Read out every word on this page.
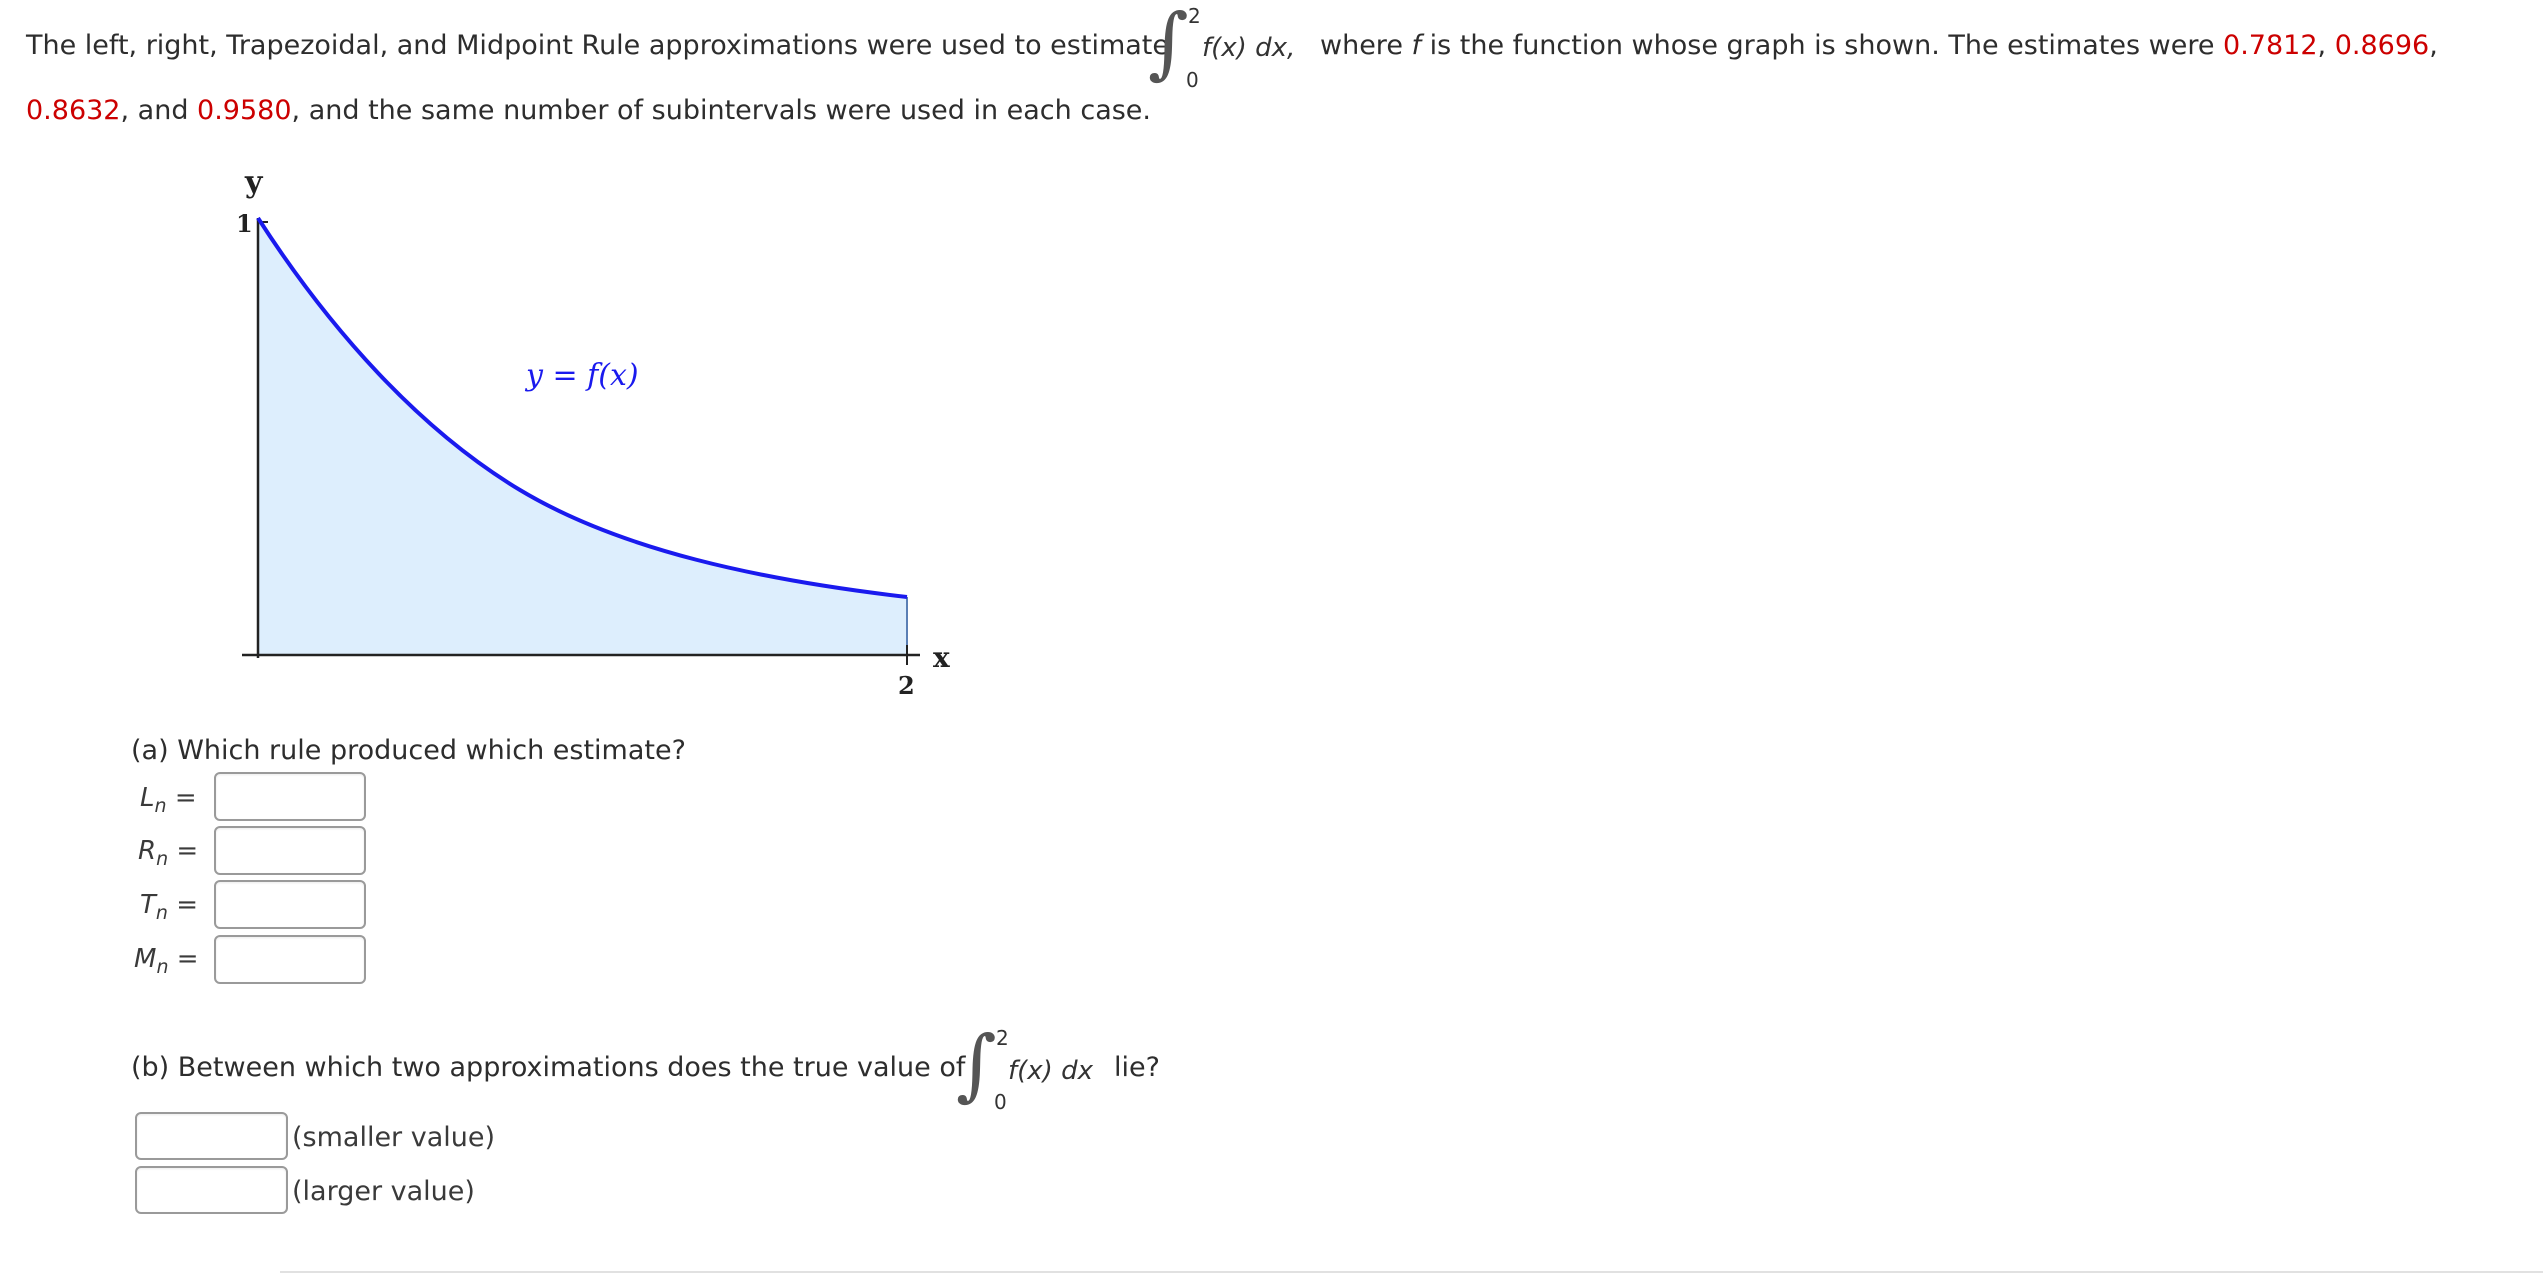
The left, right, Trapezoidal, and Midpoint Rule approximations were used to estimate
∫ 2
0
f(x) dx, where f is the function whose graph is shown. The estimates were 0.7812, 0.8696,
0.8632, and 0.9580, and the same number of subintervals were used in each case.
y
1
x
2
y = f(x)
(a) Which rule produced which estimate?
$L_n$ =
$R_n$ =
$T_n$ =
$M_n$ =
(b) Between which two approximations does the true value of
∫ 2
0
f(x) dx lie?
(smaller value)
(larger value)
